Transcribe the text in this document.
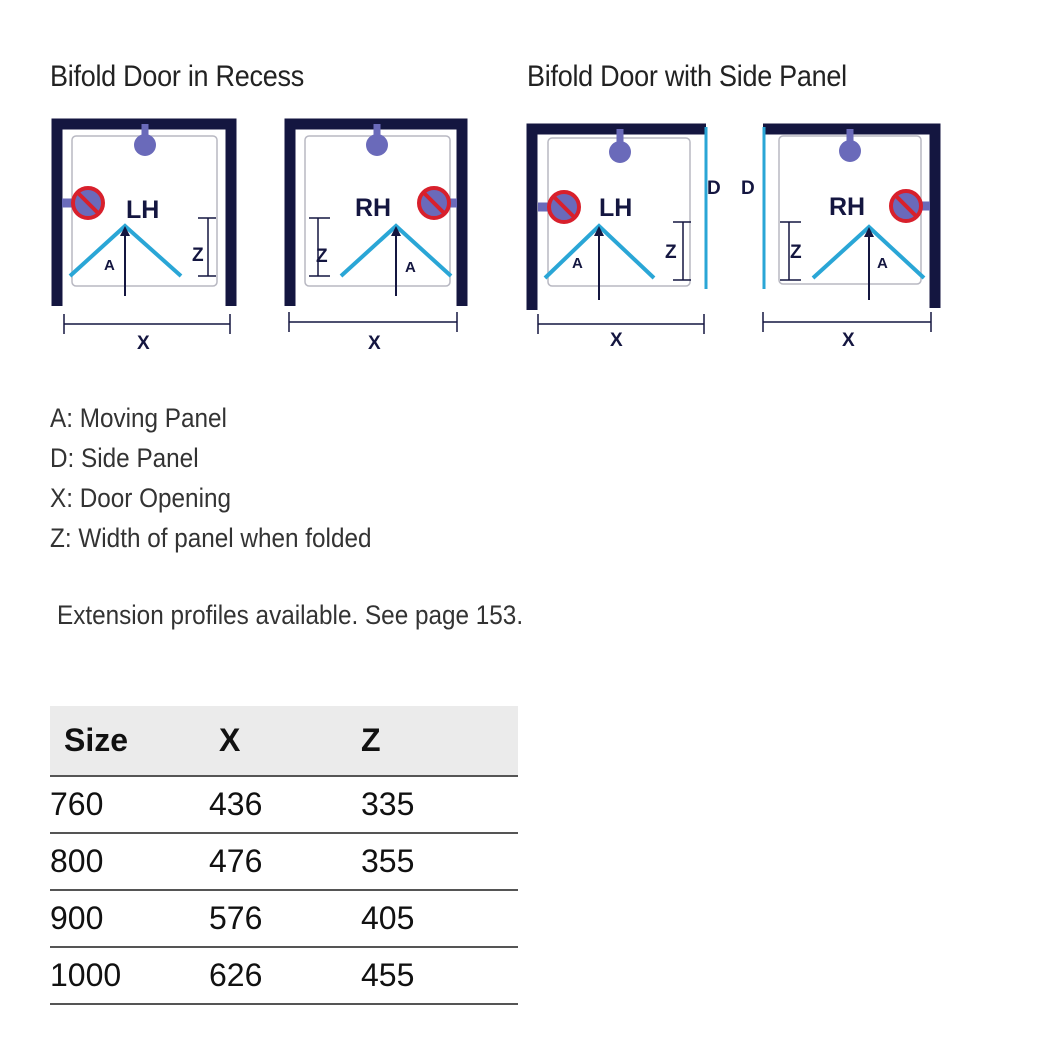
Bifold Door in Recess	Bifold Door with Side Panel
LH
A	Z
X
RH
A
Z
X
LH
A
Z
D
X
RH
A
Z
D
X
A: Moving Panel
D: Side Panel
X: Door Opening
Z: Width of panel when folded
Extension profiles available. See page 153.
Size	X	Z
760	436	335
800	476	355
900	576	405
1000	626	455
